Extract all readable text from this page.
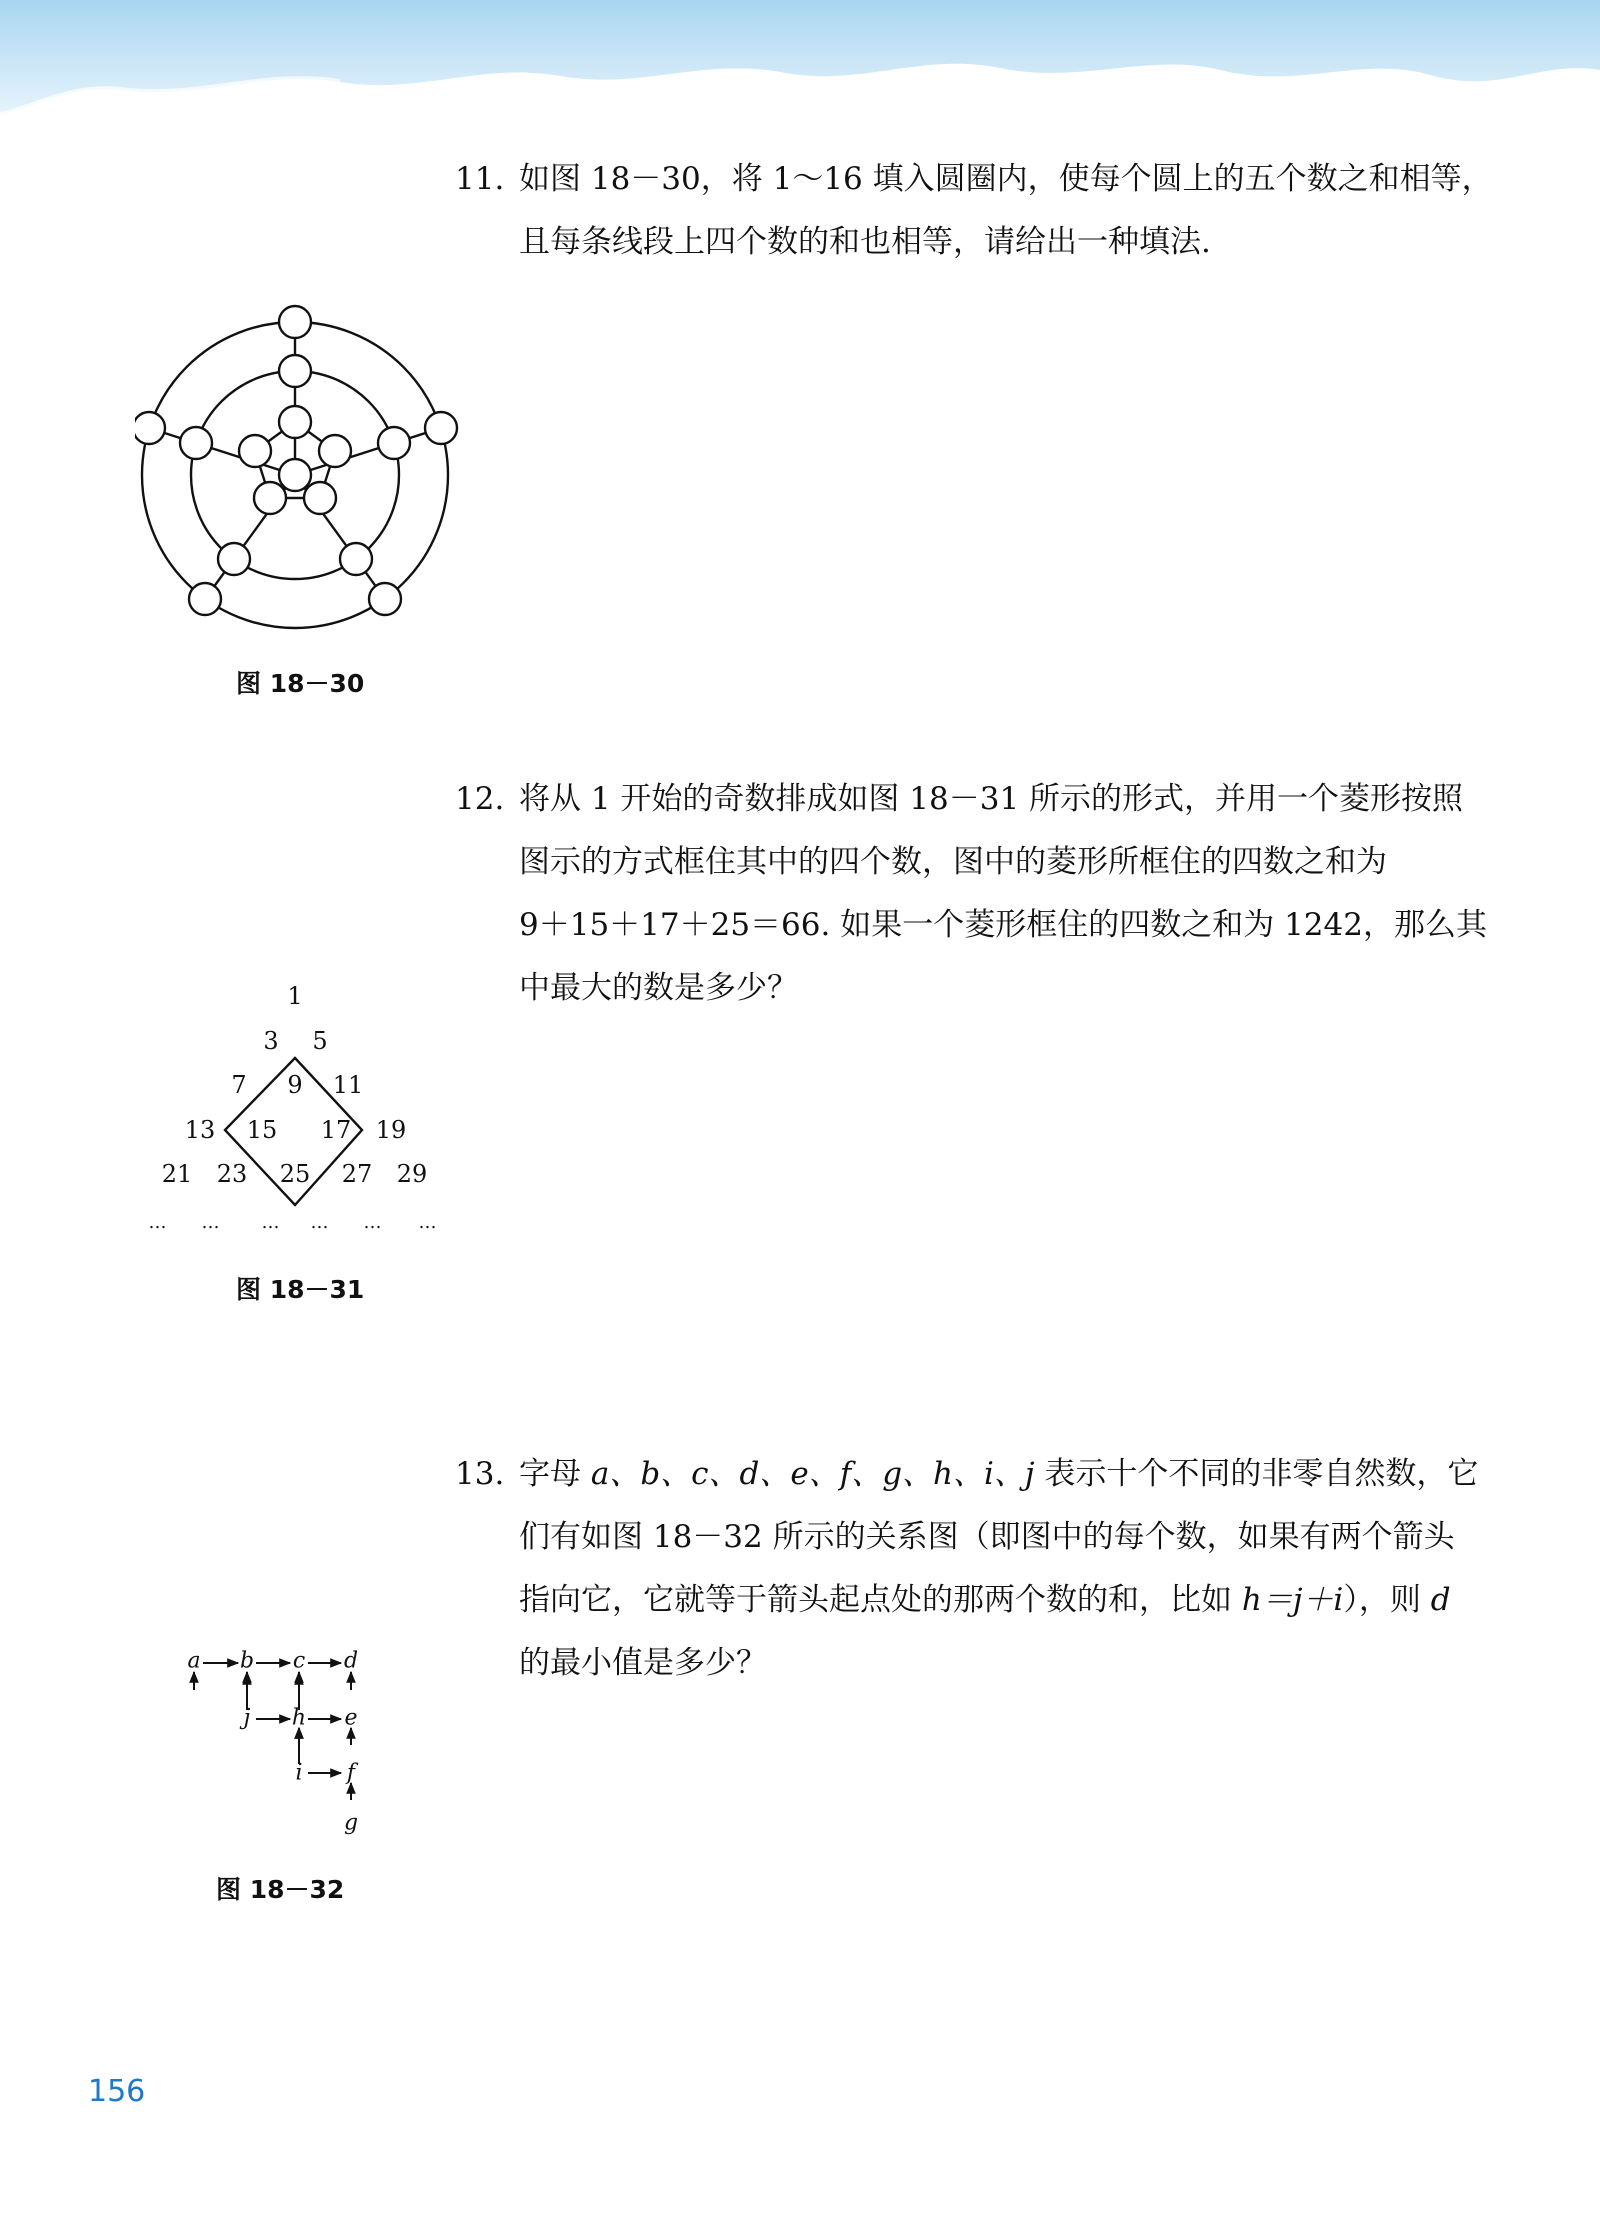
11. 如图 18－30，将 1～16 填入圆圈内，使每个圆上的五个数之和相等，

且每条线段上四个数的和也相等，请给出一种填法.

图 18－30
12. 将从 1 开始的奇数排成如图 18－31 所示的形式，并用一个菱形按照

图示的方式框住其中的四个数，图中的菱形所框住的四数之和为

9＋15＋17＋25＝66. 如果一个菱形框住的四数之和为 1242，那么其

中最大的数是多少？

1
3 5
7 9 11
13 15 17 19
21 23 25 27 29
… … … … … …
图 18－31
13. 字母 a、b、c、d、e、f、g、h、i、j 表示十个不同的非零自然数，它

们有如图 18－32 所示的关系图（即图中的每个数，如果有两个箭头

指向它，它就等于箭头起点处的那两个数的和，比如 h＝j＋i），则 d

的最小值是多少？

a b c d
j h e
i f
g
图 18－32
156
